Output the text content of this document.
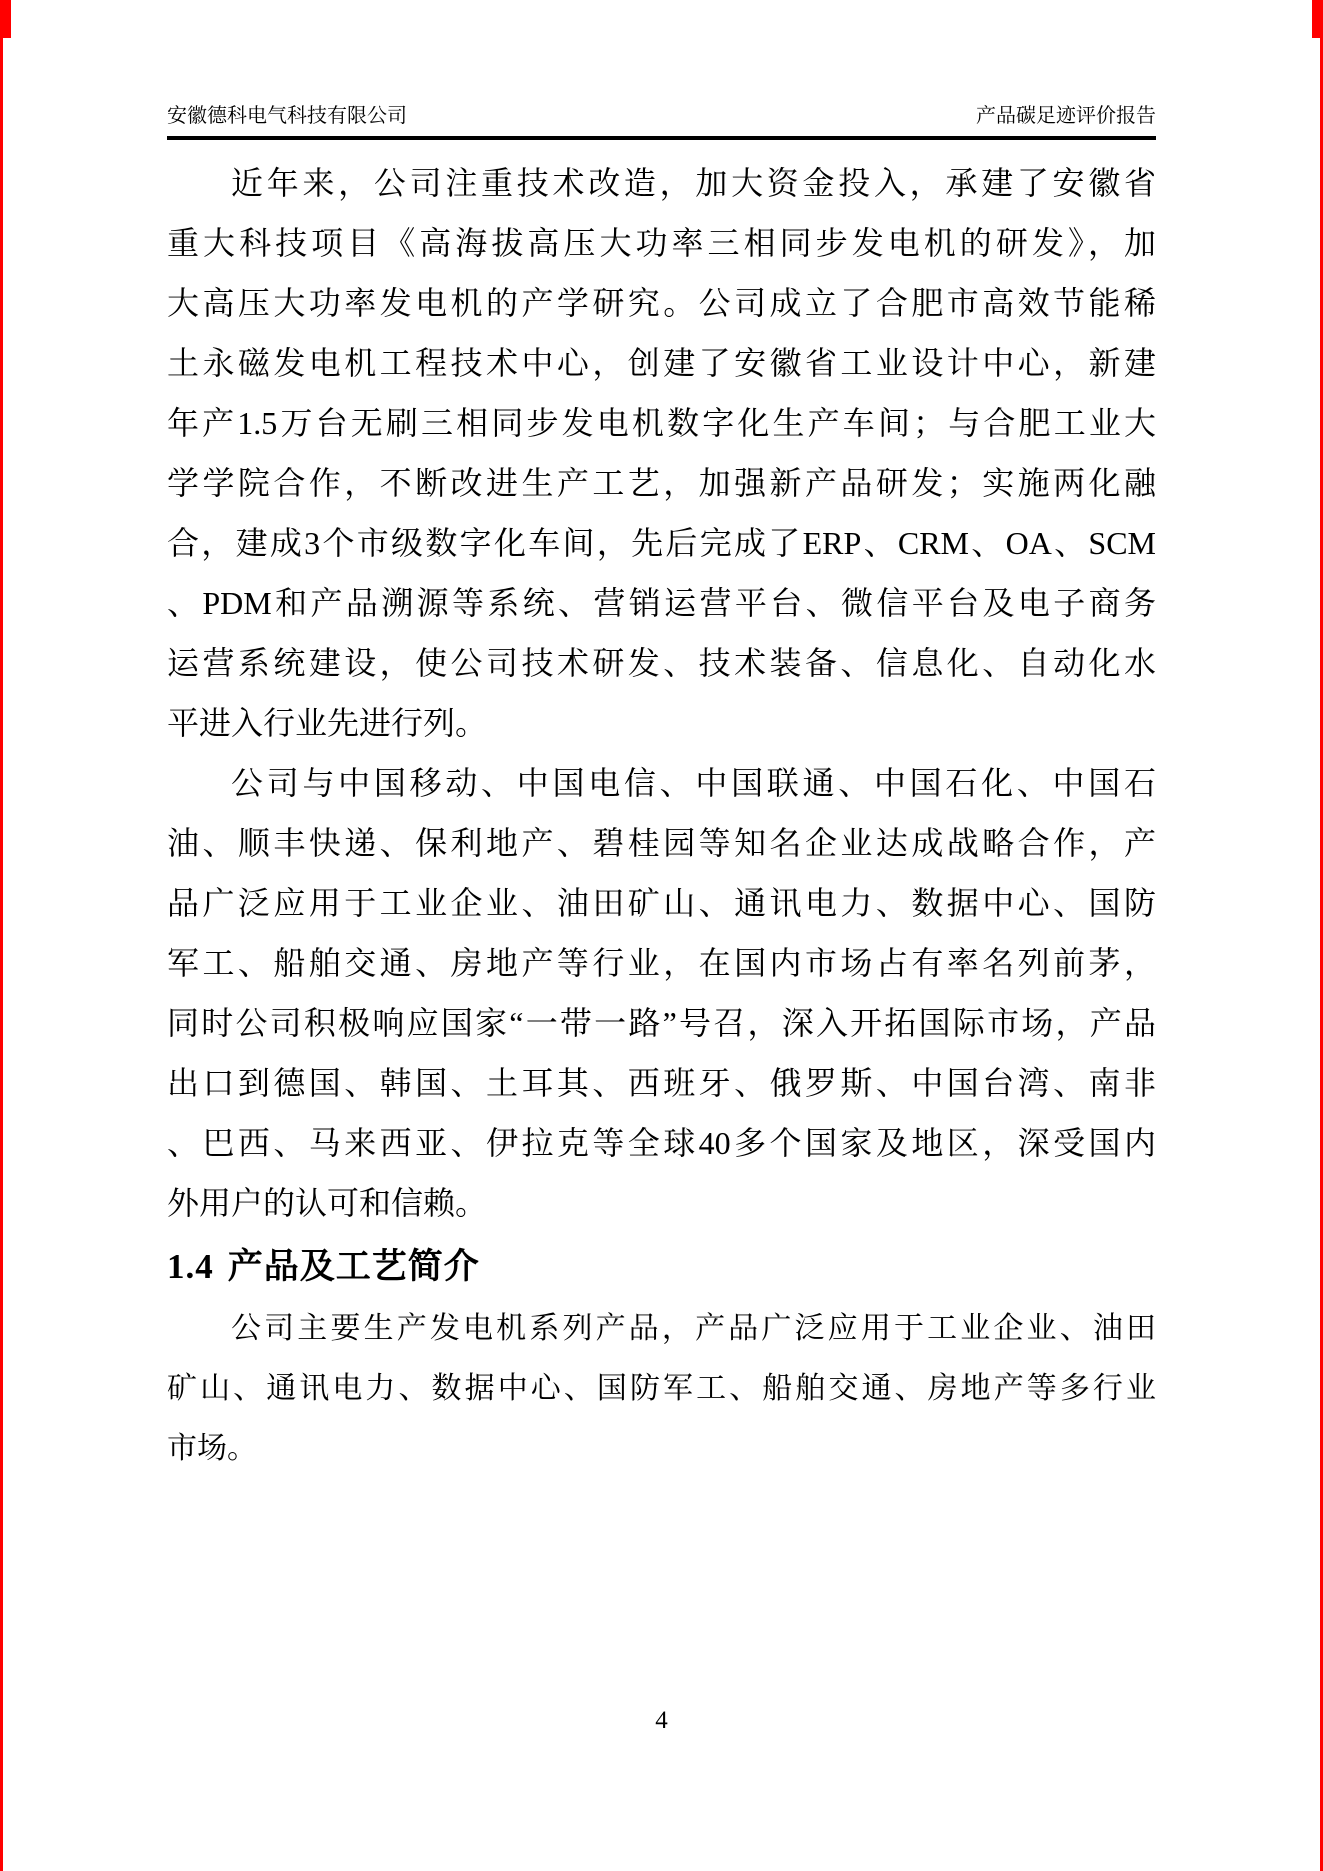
安徽德科电气科技有限公司	产品碳足迹评价报告
近年来，公司注重技术改造，加大资金投入，承建了安徽省
重大科技项目《高海拔高压大功率三相同步发电机的研发》，加
大高压大功率发电机的产学研究。公司成立了合肥市高效节能稀
土永磁发电机工程技术中心，创建了安徽省工业设计中心，新建
年产1.5万台无刷三相同步发电机数字化生产车间；与合肥工业大
学学院合作，不断改进生产工艺，加强新产品研发；实施两化融
合，建成3个市级数字化车间，先后完成了ERP、CRM、OA、SCM
、PDM和产品溯源等系统、营销运营平台、微信平台及电子商务
运营系统建设，使公司技术研发、技术装备、信息化、自动化水
平进入行业先进行列。
公司与中国移动、中国电信、中国联通、中国石化、中国石
油、顺丰快递、保利地产、碧桂园等知名企业达成战略合作，产
品广泛应用于工业企业、油田矿山、通讯电力、数据中心、国防
军工、船舶交通、房地产等行业，在国内市场占有率名列前茅，
同时公司积极响应国家“一带一路”号召，深入开拓国际市场，产品
出口到德国、韩国、土耳其、西班牙、俄罗斯、中国台湾、南非
、巴西、马来西亚、伊拉克等全球40多个国家及地区，深受国内
外用户的认可和信赖。
1.4 产品及工艺简介
公司主要生产发电机系列产品，产品广泛应用于工业企业、油田
矿山、通讯电力、数据中心、国防军工、船舶交通、房地产等多行业
市场。
4
